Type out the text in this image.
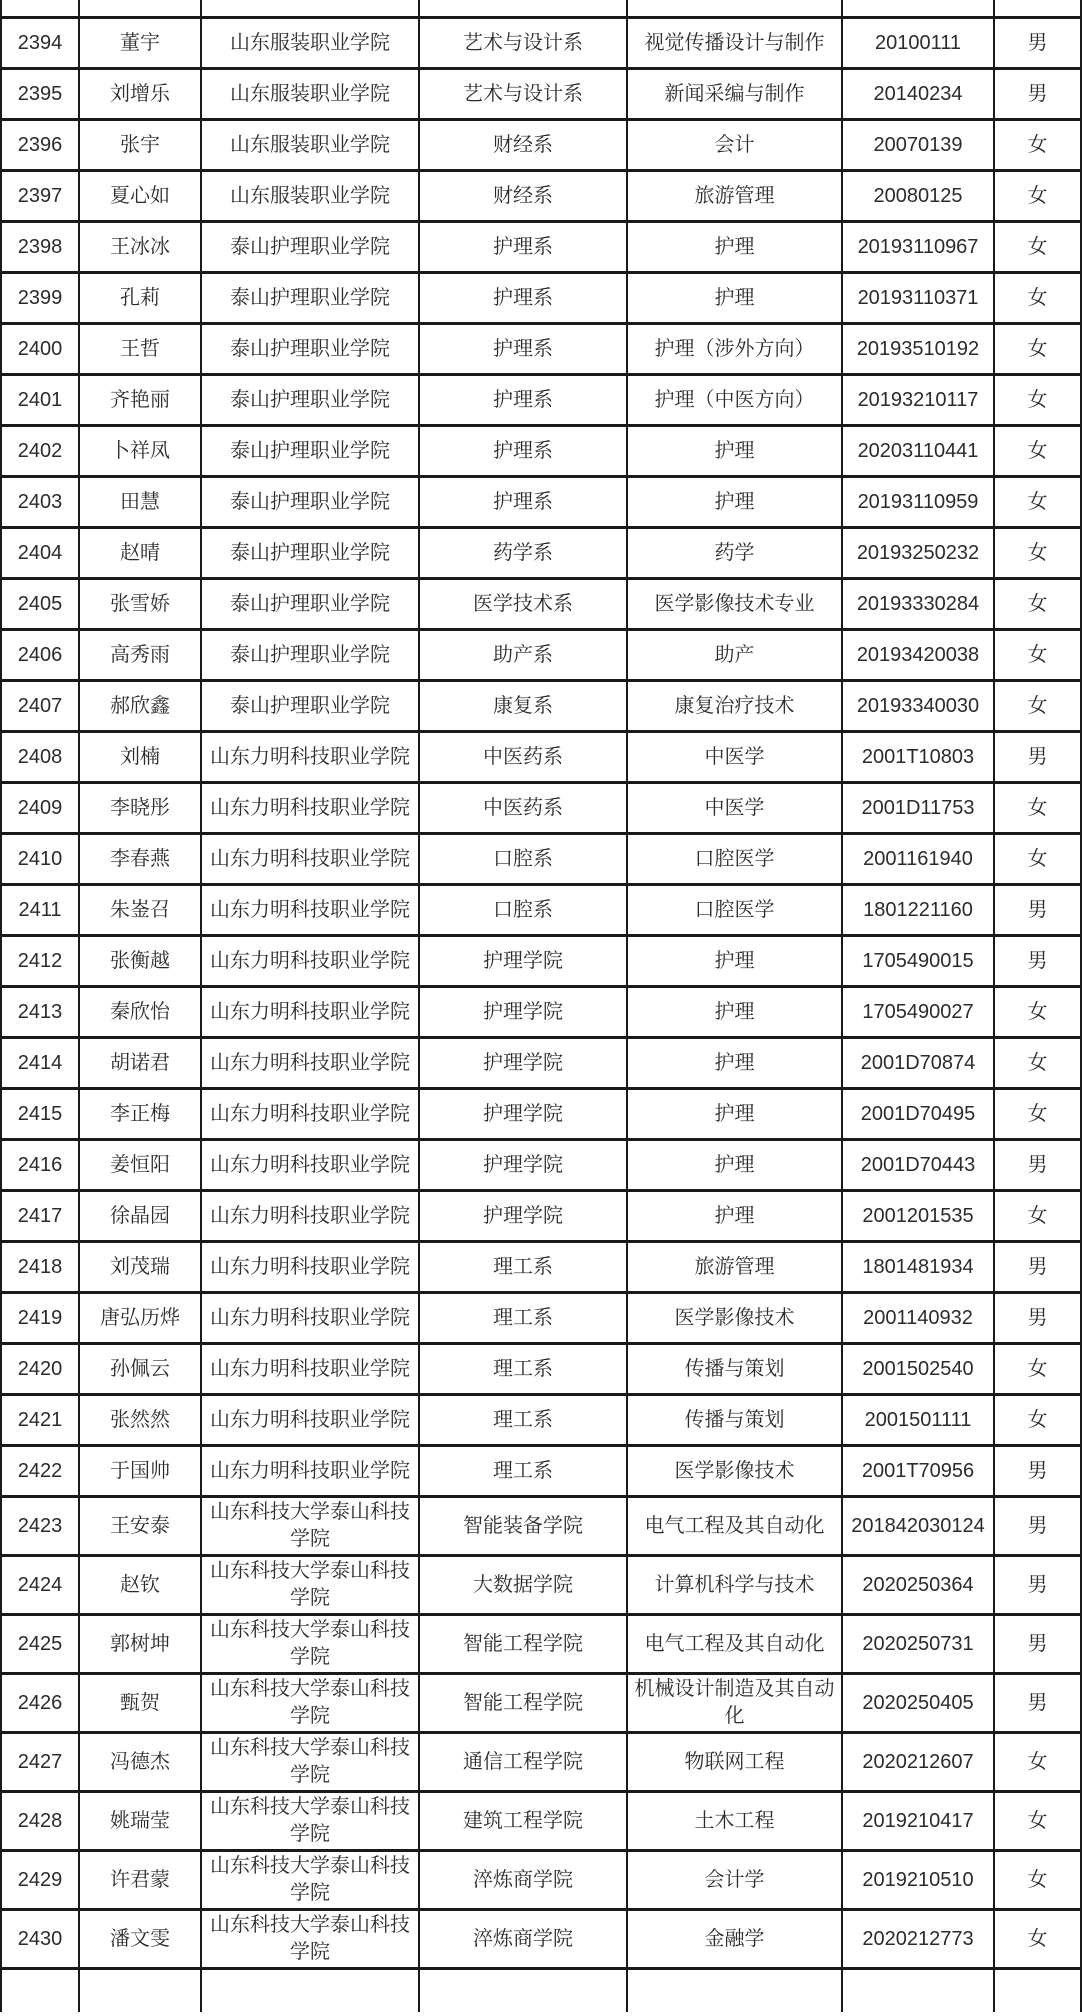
2394	董宇	山东服装职业学院	艺术与设计系	视觉传播设计与制作	20100111	男
2395	刘增乐	山东服装职业学院	艺术与设计系	新闻采编与制作	20140234	男
2396	张宇	山东服装职业学院	财经系	会计	20070139	女
2397	夏心如	山东服装职业学院	财经系	旅游管理	20080125	女
2398	王冰冰	泰山护理职业学院	护理系	护理	20193110967	女
2399	孔莉	泰山护理职业学院	护理系	护理	20193110371	女
2400	王哲	泰山护理职业学院	护理系	护理（涉外方向）	20193510192	女
2401	齐艳丽	泰山护理职业学院	护理系	护理（中医方向）	20193210117	女
2402	卜祥凤	泰山护理职业学院	护理系	护理	20203110441	女
2403	田慧	泰山护理职业学院	护理系	护理	20193110959	女
2404	赵晴	泰山护理职业学院	药学系	药学	20193250232	女
2405	张雪娇	泰山护理职业学院	医学技术系	医学影像技术专业	20193330284	女
2406	高秀雨	泰山护理职业学院	助产系	助产	20193420038	女
2407	郝欣鑫	泰山护理职业学院	康复系	康复治疗技术	20193340030	女
2408	刘楠	山东力明科技职业学院	中医药系	中医学	2001T10803	男
2409	李晓彤	山东力明科技职业学院	中医药系	中医学	2001D11753	女
2410	李春燕	山东力明科技职业学院	口腔系	口腔医学	2001161940	女
2411	朱崟召	山东力明科技职业学院	口腔系	口腔医学	1801221160	男
2412	张衡越	山东力明科技职业学院	护理学院	护理	1705490015	男
2413	秦欣怡	山东力明科技职业学院	护理学院	护理	1705490027	女
2414	胡诺君	山东力明科技职业学院	护理学院	护理	2001D70874	女
2415	李正梅	山东力明科技职业学院	护理学院	护理	2001D70495	女
2416	姜恒阳	山东力明科技职业学院	护理学院	护理	2001D70443	男
2417	徐晶园	山东力明科技职业学院	护理学院	护理	2001201535	女
2418	刘茂瑞	山东力明科技职业学院	理工系	旅游管理	1801481934	男
2419	唐弘历烨	山东力明科技职业学院	理工系	医学影像技术	2001140932	男
2420	孙佩云	山东力明科技职业学院	理工系	传播与策划	2001502540	女
2421	张然然	山东力明科技职业学院	理工系	传播与策划	2001501111	女
2422	于国帅	山东力明科技职业学院	理工系	医学影像技术	2001T70956	男
2423	王安泰	山东科技大学泰山科技学院	智能装备学院	电气工程及其自动化	201842030124	男
2424	赵钦	山东科技大学泰山科技学院	大数据学院	计算机科学与技术	2020250364	男
2425	郭树坤	山东科技大学泰山科技学院	智能工程学院	电气工程及其自动化	2020250731	男
2426	甄贺	山东科技大学泰山科技学院	智能工程学院	机械设计制造及其自动化	2020250405	男
2427	冯德杰	山东科技大学泰山科技学院	通信工程学院	物联网工程	2020212607	女
2428	姚瑞莹	山东科技大学泰山科技学院	建筑工程学院	土木工程	2019210417	女
2429	许君蒙	山东科技大学泰山科技学院	淬炼商学院	会计学	2019210510	女
2430	潘文雯	山东科技大学泰山科技学院	淬炼商学院	金融学	2020212773	女
